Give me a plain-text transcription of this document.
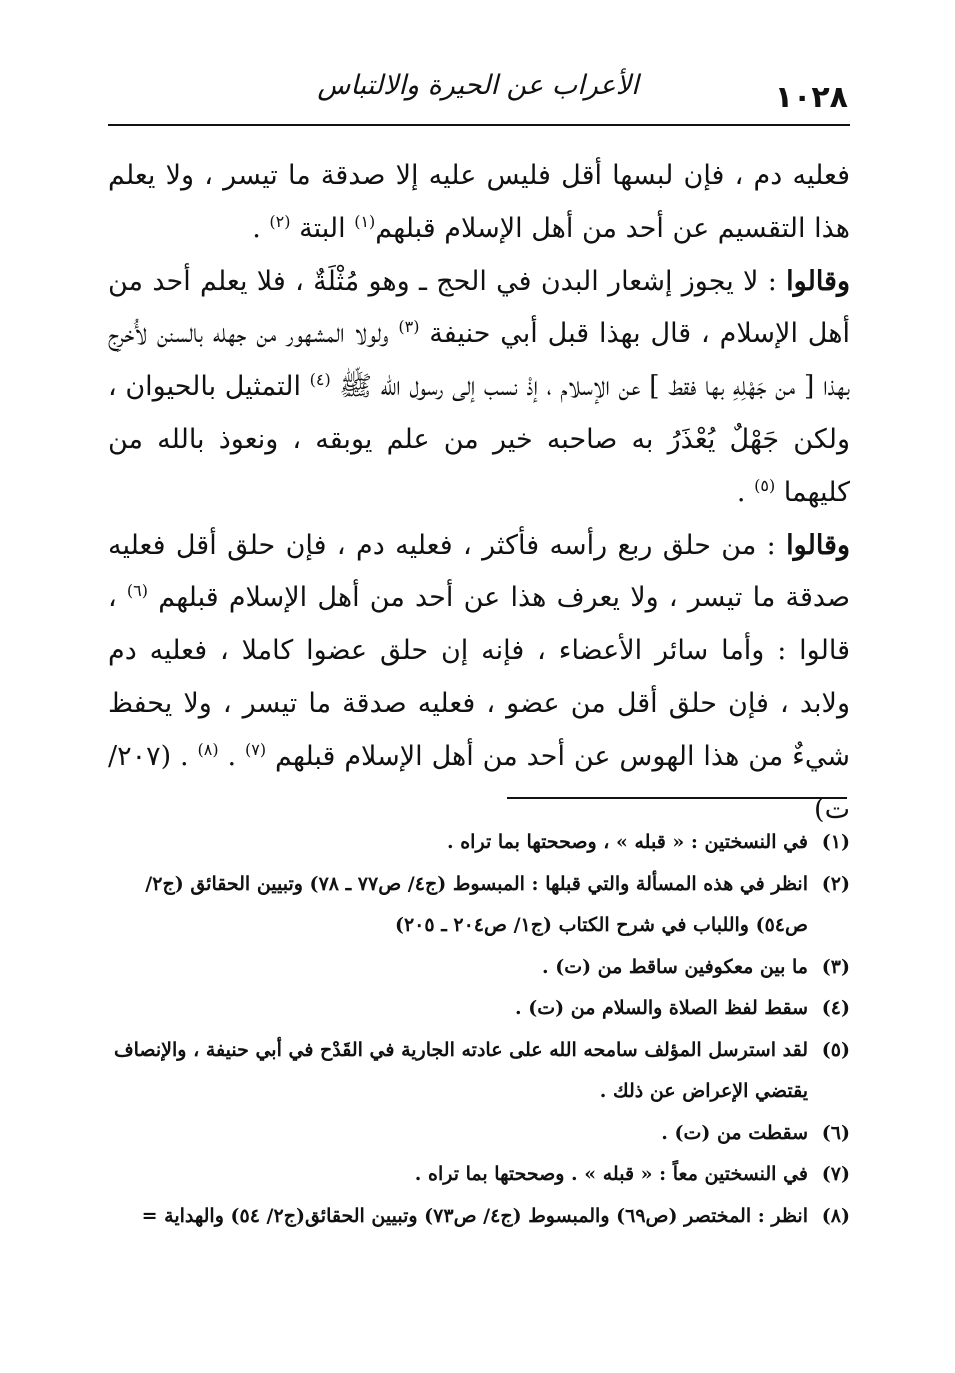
١٠٢٨
الأعراب عن الحيرة والالتباس

فعليه دم ، فإن لبسها أقل فليس عليه إلا صدقة ما تيسر ، ولا يعلم هذا التقسيم عن أحد من أهل الإسلام قبلهم$^{(١)}$ البتة $^{(٢)}$ .

وقالوا : لا يجوز إشعار البدن في الحج ـ وهو مُثْلَةٌ ، فلا يعلم أحد من أهل الإسلام ، قال بهذا قبل أبي حنيفة $^{(٣)}$ ولولا المشهور من جهله بالسنن لأُخرِج بهذا [ من جَهْلِهِ بها فقط ] عن الإسلام ، إذْ نسب إلى رسول الله ﷺ $^{(٤)}$ التمثيل بالحيوان ، ولكن جَهْلٌ يُعْذَرُ به صاحبه خير من علم يوبقه ، ونعوذ بالله من كليهما $^{(٥)}$ .

وقالوا : من حلق ربع رأسه فأكثر ، فعليه دم ، فإن حلق أقل فعليه صدقة ما تيسر ، ولا يعرف هذا عن أحد من أهل الإسلام قبلهم $^{(٦)}$ ، قالوا : وأما سائر الأعضاء ، فإنه إن حلق عضوا كاملا ، فعليه دم ولابد ، فإن حلق أقل من عضو ، فعليه صدقة ما تيسر ، ولا يحفظ شيءٌ من هذا الهوس عن أحد من أهل الإسلام قبلهم $^{(٧)}$ . $^{(٨)}$ . (٢٠٧/ت)

(١)
في النسختين : « قبله » ، وصححتها بما تراه .
(٢)
انظر في هذه المسألة والتي قبلها : المبسوط (ج٤/ ص٧٧ ـ ٧٨) وتبيين الحقائق (ج٢/ ص٥٤) واللباب في شرح الكتاب (ج١/ ص٢٠٤ ـ ٢٠٥)
(٣)
ما بين معكوفين ساقط من (ت) .
(٤)
سقط لفظ الصلاة والسلام من (ت) .
(٥)
لقد استرسل المؤلف سامحه الله على عادته الجارية في القَدْح في أبي حنيفة ، والإنصاف يقتضي الإعراض عن ذلك .
(٦)
سقطت من (ت) .
(٧)
في النسختين معاً : « قبله » . وصححتها بما تراه .
(٨)
انظر : المختصر (ص٦٩) والمبسوط (ج٤/ ص٧٣) وتبيين الحقائق(ج٢/ ٥٤) والهداية =
